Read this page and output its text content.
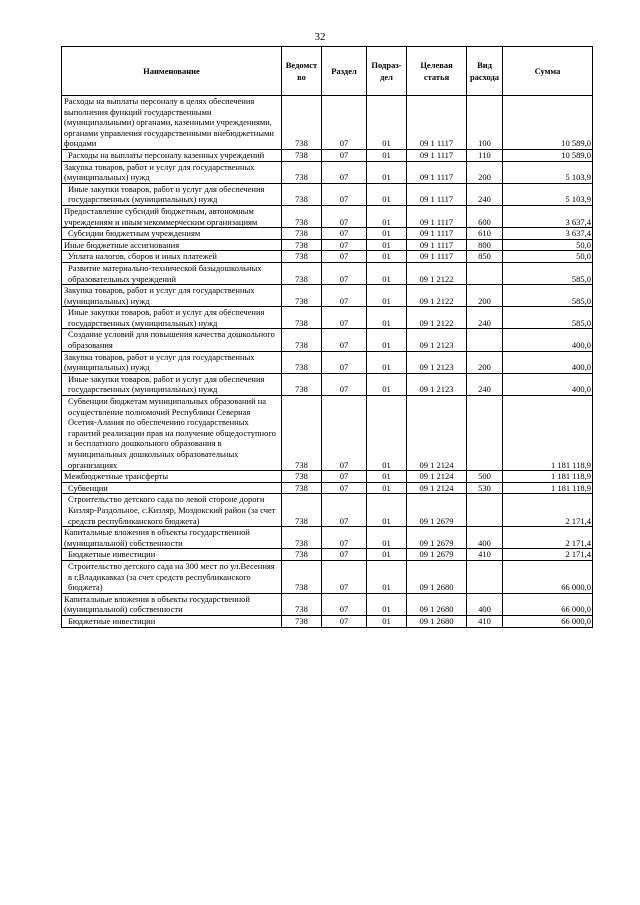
32
Наименование	Ведомст во	Раздел	Подраз- дел	Целевая статья	Вид расхода	Сумма
Расходы на выплаты персоналу в целях обеспечения выполнения функций государственными (муниципальными) органами, казенными учреждениями, органами управления государственными внебюджетными фондами	738	07	01	09 1 1117	100	10 589,0
Расходы на выплаты персоналу казенных учреждений	738	07	01	09 1 1117	110	10 589,0
Закупка товаров, работ и услуг для государственных (муниципальных) нужд	738	07	01	09 1 1117	200	5 103,9
Иные закупки товаров, работ и услуг для обеспечения государственных (муниципальных) нужд	738	07	01	09 1 1117	240	5 103,9
Предоставление субсидий бюджетным, автономным учреждениям и иным некоммерческим организациям	738	07	01	09 1 1117	600	3 637,4
Субсидии бюджетным учреждениям	738	07	01	09 1 1117	610	3 637,4
Иные бюджетные ассигнования	738	07	01	09 1 1117	800	50,0
Уплата налогов, сборов и иных платежей	738	07	01	09 1 1117	850	50,0
Развитие материально-технической базыдошкольных образовательных учреждений	738	07	01	09 1 2122		585,0
Закупка товаров, работ и услуг для государственных (муниципальных) нужд	738	07	01	09 1 2122	200	585,0
Иные закупки товаров, работ и услуг для обеспечения государственных (муниципальных) нужд	738	07	01	09 1 2122	240	585,0
Создание условий для повышения качества дошкольного образования	738	07	01	09 1 2123		400,0
Закупка товаров, работ и услуг для государственных (муниципальных) нужд	738	07	01	09 1 2123	200	400,0
Иные закупки товаров, работ и услуг для обеспечения государственных (муниципальных) нужд	738	07	01	09 1 2123	240	400,0
Субвенции бюджетам муниципальных образований на осуществление полномочий Республики Северная Осетия-Алания по обеспечению государственных гарантий реализации прав на получение общедоступного и бесплатного дошкольного образования в муниципальных дошкольных образовательных организациях	738	07	01	09 1 2124		1 181 118,9
Межбюджетные трансферты	738	07	01	09 1 2124	500	1 181 118,9
Субвенции	738	07	01	09 1 2124	530	1 181 118,9
Строительство детского сада по левой стороне дороги Кизляр-Раздольное, с.Кизляр, Моздокский район (за счет средств республиканского бюджета)	738	07	01	09 1 2679		2 171,4
Капитальные вложения в объекты государственной (муниципальной) собственности	738	07	01	09 1 2679	400	2 171,4
Бюджетные инвестиции	738	07	01	09 1 2679	410	2 171,4
Строительство детского сада на 300 мест по ул.Весенняя в г.Владикавказ (за счет средств республиканского бюджета)	738	07	01	09 1 2680		66 000,0
Капитальные вложения в объекты государственной (муниципальной) собственности	738	07	01	09 1 2680	400	66 000,0
Бюджетные инвестиции	738	07	01	09 1 2680	410	66 000,0
